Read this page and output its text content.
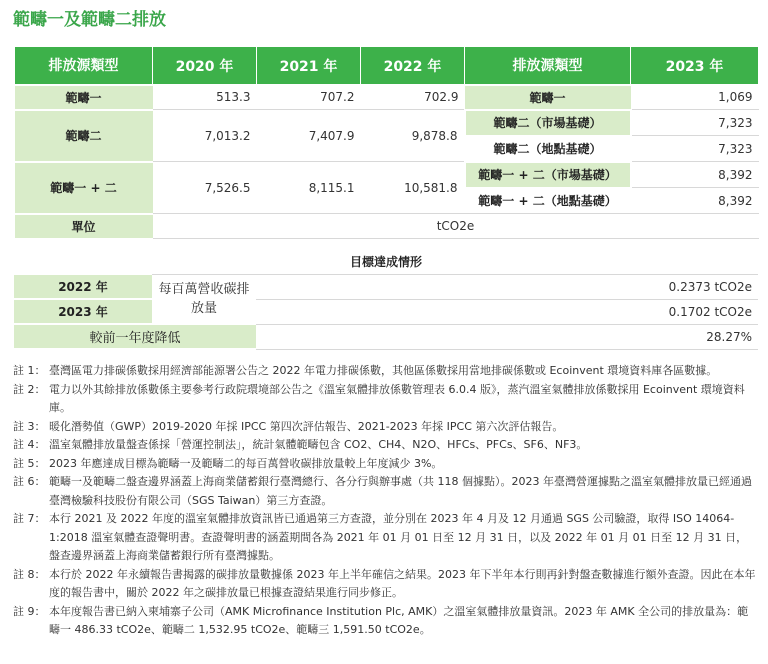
範疇一及範疇二排放
排放源類型	2020 年	2021 年	2022 年	排放源類型	2023 年
範疇一	513.3	707.2	702.9	範疇一	1,069
範疇二	7,013.2	7,407.9	9,878.8	範疇二（市場基礎）	7,323
				範疇二（地點基礎）	7,323
範疇一 + 二	7,526.5	8,115.1	10,581.8	範疇一 + 二（市場基礎）	8,392
				範疇一 + 二（地點基礎）	8,392
單位	tCO2e				
目標達成情形		
2022 年	每百萬營收碳排放量	0.2373 tCO2e
2023 年		0.1702 tCO2e
較前一年度降低		28.27%
註 1： 臺灣區電力排碳係數採用經濟部能源署公告之 2022 年電力排碳係數，其他區係數採用當地排碳係數或 Ecoinvent 環境資料庫各區數據。
註 2： 電力以外其餘排放係數係主要參考行政院環境部公告之《溫室氣體排放係數管理表 6.0.4 版》，蒸汽溫室氣體排放係數採用 Ecoinvent 環境資料庫。
註 3： 暖化潛勢值（GWP）2019-2020 年採 IPCC 第四次評估報告、2021-2023 年採 IPCC 第六次評估報告。
註 4： 溫室氣體排放量盤查係採「營運控制法」，統計氣體範疇包含 CO2、CH4、N2O、HFCs、PFCs、SF6、NF3。
註 5： 2023 年應達成目標為範疇一及範疇二的每百萬營收碳排放量較上年度減少 3%。
註 6： 範疇一及範疇二盤查邊界涵蓋上海商業儲蓄銀行臺灣總行、各分行與辦事處（共 118 個據點）。2023 年臺灣營運據點之溫室氣體排放量已經通過臺灣檢驗科技股份有限公司（SGS Taiwan）第三方查證。
註 7： 本行 2021 及 2022 年度的溫室氣體排放資訊皆已通過第三方查證，並分別在 2023 年 4 月及 12 月通過 SGS 公司驗證，取得 ISO 14064-1:2018 溫室氣體查證聲明書。查證聲明書的涵蓋期間各為 2021 年 01 月 01 日至 12 月 31 日，以及 2022 年 01 月 01 日至 12 月 31 日，盤查邊界涵蓋上海商業儲蓄銀行所有臺灣據點。
註 8： 本行於 2022 年永續報告書揭露的碳排放量數據係 2023 年上半年確信之結果。2023 年下半年本行則再針對盤查數據進行額外查證。因此在本年度的報告書中，關於 2022 年之碳排放量已根據查證結果進行同步修正。
註 9： 本年度報告書已納入柬埔寨子公司（AMK Microfinance Institution Plc, AMK）之溫室氣體排放量資訊。2023 年 AMK 全公司的排放量為：範疇一 486.33 tCO2e、範疇二 1,532.95 tCO2e、範疇三 1,591.50 tCO2e。
